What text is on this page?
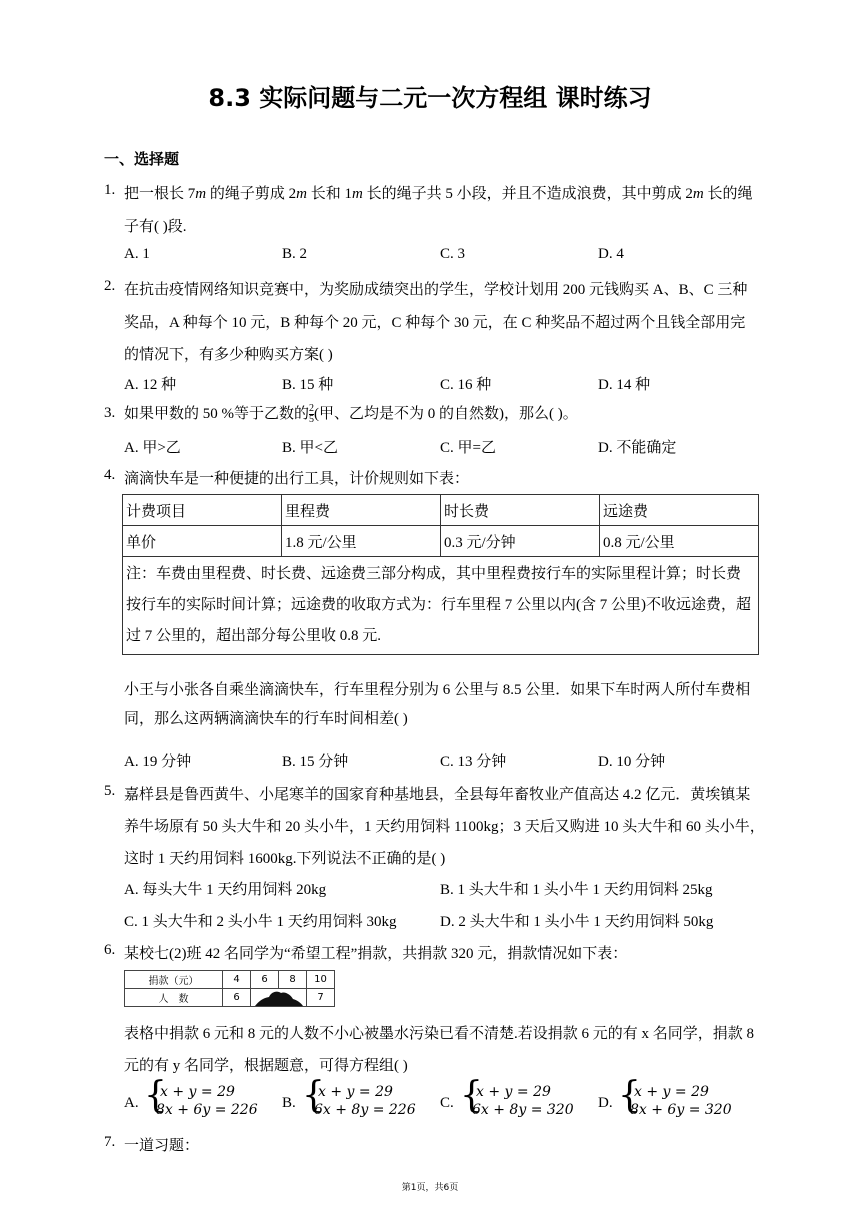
8.3 实际问题与二元一次方程组 课时练习
一、选择题
1. 把一根长 7m 的绳子剪成 2m 长和 1m 长的绳子共 5 小段，并且不造成浪费，其中剪成 2m 长的绳
子有( )段.
A. 1	B. 2	C. 3	D. 4
2. 在抗击疫情网络知识竞赛中，为奖励成绩突出的学生，学校计划用 200 元钱购买 A、B、C 三种
奖品，A 种每个 10 元，B 种每个 20 元，C 种每个 30 元，在 C 种奖品不超过两个且钱全部用完
的情况下，有多少种购买方案( )
A. 12 种	B. 15 种	C. 16 种	D. 14 种
3. 如果甲数的 50 %等于乙数的 $\frac{2}{5}$ (甲、乙均是不为 0 的自然数)，那么( )。
A. 甲>乙	B. 甲<乙	C. 甲=乙	D. 不能确定
4. 滴滴快车是一种便捷的出行工具，计价规则如下表：
计费项目	里程费	时长费	远途费
单价	1.8 元/公里	0.3 元/分钟	0.8 元/公里

注：车费由里程费、时长费、远途费三部分构成，其中里程费按行车的实际里程计算；时长费
按行车的实际时间计算；远途费的收取方式为：行车里程 7 公里以内(含 7 公里)不收远途费，超
过 7 公里的，超出部分每公里收 0.8 元.			
小王与小张各自乘坐滴滴快车，行车里程分别为 6 公里与 8.5 公里．如果下车时两人所付车费相
同，那么这两辆滴滴快车的行车时间相差( )
A. 19 分钟	B. 15 分钟	C. 13 分钟	D. 10 分钟
5. 嘉样县是鲁西黄牛、小尾寒羊的国家育种基地县，全县每年畜牧业产值高达 4.2 亿元．黄埃镇某
养牛场原有 50 头大牛和 20 头小牛，1 天约用饲料 1100kg；3 天后又购进 10 头大牛和 60 头小牛，
这时 1 天约用饲料 1600kg.下列说法不正确的是( )
A. 每头大牛 1 天约用饲料 20kg	B. 1 头大牛和 1 头小牛 1 天约用饲料 25kg
C. 1 头大牛和 2 头小牛 1 天约用饲料 30kg	D. 2 头大牛和 1 头小牛 1 天约用饲料 50kg
6. 某校七(2)班 42 名同学为“希望工程”捐款，共捐款 320 元，捐款情况如下表：
捐款（元）	4	6	8	10
人　数	6			7
表格中捐款 6 元和 8 元的人数不小心被墨水污染已看不清楚.若设捐款 6 元的有 x 名同学，捐款 8
元的有 y 名同学，根据题意，可得方程组( )
A. {
x + y = 29
8x + 6y = 226 B. {
x + y = 29
6x + 8y = 226 C. {
x + y = 29
6x + 8y = 320 D. {
x + y = 29
8x + 6y = 320
7. 一道习题：
第1页，共6页
